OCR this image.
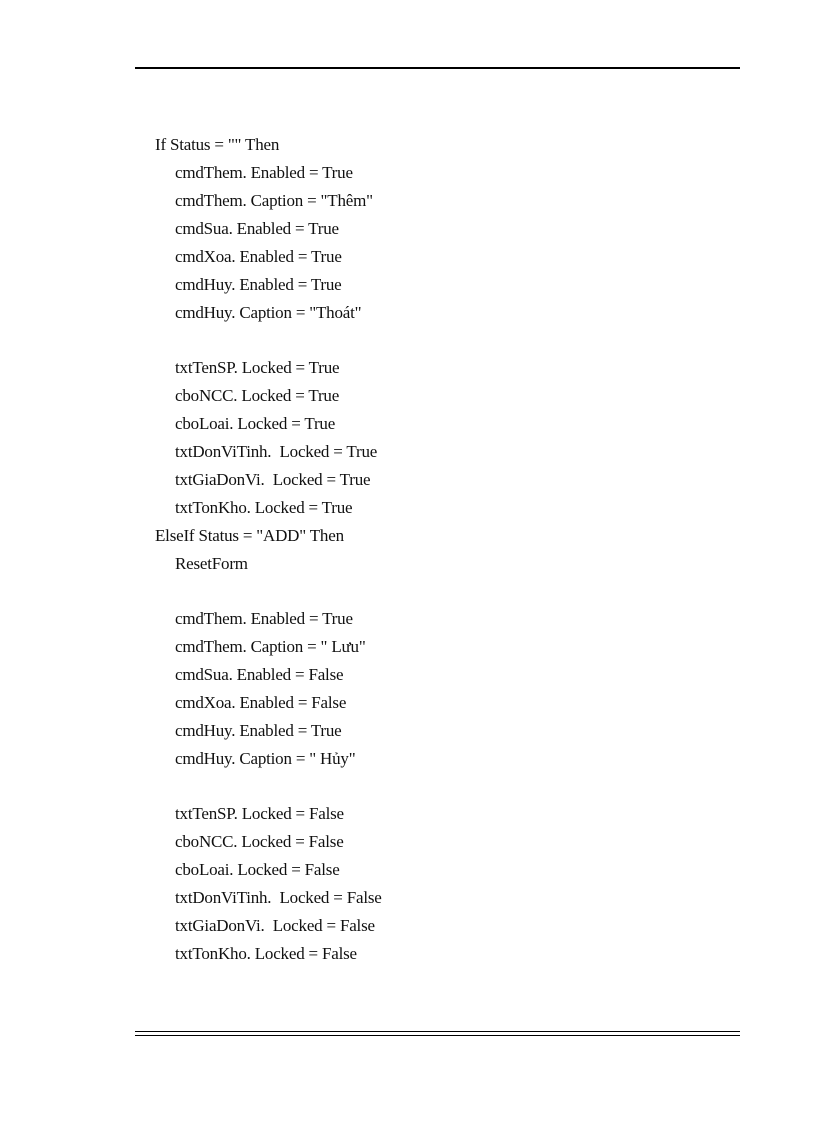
If Status = "" Then
cmdThem. Enabled = True
cmdThem. Caption = "Thêm"
cmdSua. Enabled = True
cmdXoa. Enabled = True
cmdHuy. Enabled = True
cmdHuy. Caption = "Thoát"
txtTenSP. Locked = True
cboNCC. Locked = True
cboLoai. Locked = True
txtDonViTinh.  Locked = True
txtGiaDonVi.  Locked = True
txtTonKho. Locked = True
ElseIf Status = "ADD" Then
ResetForm
cmdThem. Enabled = True
cmdThem. Caption = " Lưu"
cmdSua. Enabled = False
cmdXoa. Enabled = False
cmdHuy. Enabled = True
cmdHuy. Caption = " Hủy"
txtTenSP. Locked = False
cboNCC. Locked = False
cboLoai. Locked = False
txtDonViTinh.  Locked = False
txtGiaDonVi.  Locked = False
txtTonKho. Locked = False
